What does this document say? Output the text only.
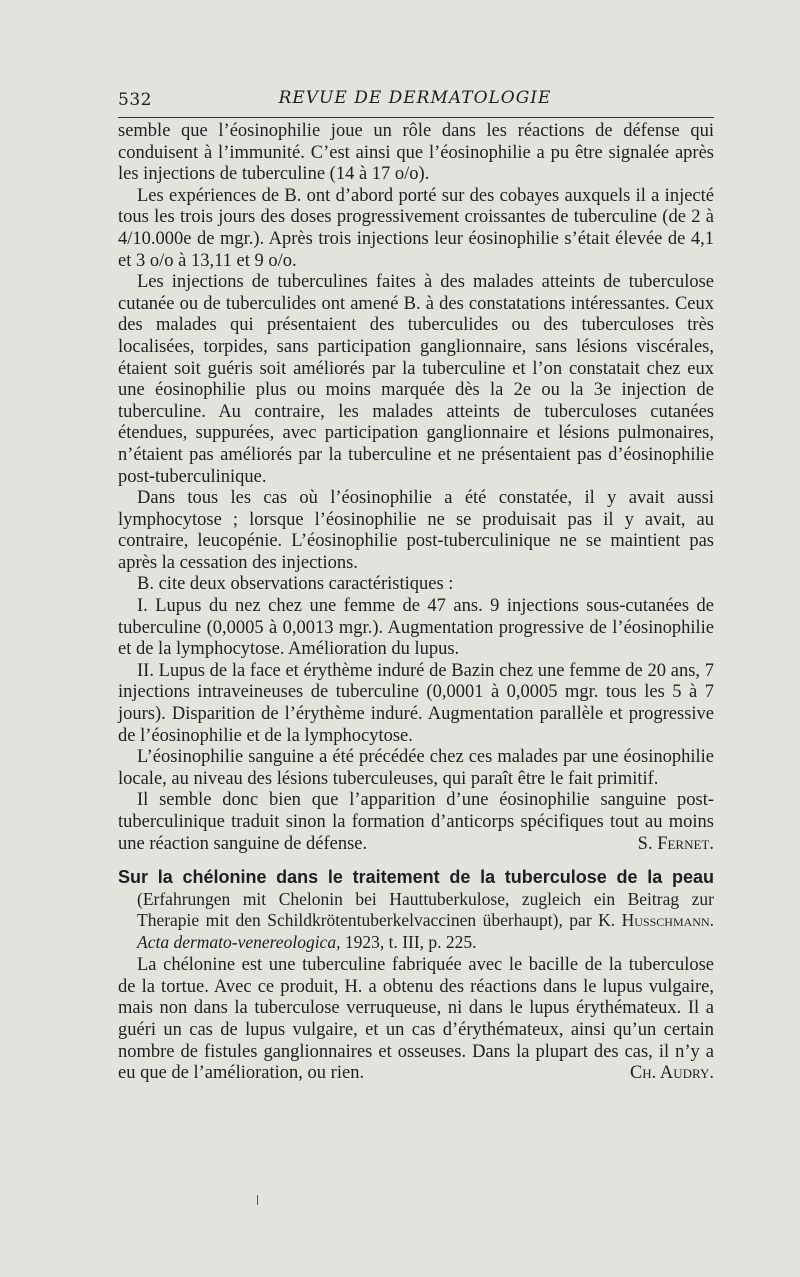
532	REVUE DE DERMATOLOGIE

semble que l’éosinophilie joue un rôle dans les réactions de défense qui conduisent à l’immunité. C’est ainsi que l’éosinophilie a pu être signalée après les injections de tuberculine (14 à 17 o/o).

Les expériences de B. ont d’abord porté sur des cobayes auxquels il a injecté tous les trois jours des doses progressivement croissantes de tuberculine (de 2 à 4/10.000e de mgr.). Après trois injections leur éosinophilie s’était élevée de 4,1 et 3 o/o à 13,11 et 9 o/o.

Les injections de tuberculines faites à des malades atteints de tuberculose cutanée ou de tuberculides ont amené B. à des constatations intéressantes. Ceux des malades qui présentaient des tuberculides ou des tuberculoses très localisées, torpides, sans participation ganglionnaire, sans lésions viscérales, étaient soit guéris soit améliorés par la tuberculine et l’on constatait chez eux une éosinophilie plus ou moins marquée dès la 2e ou la 3e injection de tuberculine. Au contraire, les malades atteints de tuberculoses cutanées étendues, suppurées, avec participation ganglionnaire et lésions pulmonaires, n’étaient pas améliorés par la tuberculine et ne présentaient pas d’éosinophilie post-tuberculinique.

Dans tous les cas où l’éosinophilie a été constatée, il y avait aussi lymphocytose ; lorsque l’éosinophilie ne se produisait pas il y avait, au contraire, leucopénie. L’éosinophilie post-tuberculinique ne se maintient pas après la cessation des injections.

B. cite deux observations caractéristiques :

I. Lupus du nez chez une femme de 47 ans. 9 injections sous-cutanées de tuberculine (0,0005 à 0,0013 mgr.). Augmentation progressive de l’éosinophilie et de la lymphocytose. Amélioration du lupus.

II. Lupus de la face et érythème induré de Bazin chez une femme de 20 ans, 7 injections intraveineuses de tuberculine (0,0001 à 0,0005 mgr. tous les 5 à 7 jours). Disparition de l’érythème induré. Augmentation parallèle et progressive de l’éosinophilie et de la lymphocytose.

L’éosinophilie sanguine a été précédée chez ces malades par une éosinophilie locale, au niveau des lésions tuberculeuses, qui paraît être le fait primitif.

Il semble donc bien que l’apparition d’une éosinophilie sanguine post-tuberculinique traduit sinon la formation d’anticorps spécifiques tout au moins une réaction sanguine de défense.	S. Fernet.

Sur la chélonine dans le traitement de la tuberculose de la peau (Erfahrungen mit Chelonin bei Hauttuberkulose, zugleich ein Beitrag zur Therapie mit den Schildkrötentuberkelvaccinen überhaupt), par K. Husschmann. Acta dermato-venereologica, 1923, t. III, p. 225.

La chélonine est une tuberculine fabriquée avec le bacille de la tuberculose de la tortue. Avec ce produit, H. a obtenu des réactions dans le lupus vulgaire, mais non dans la tuberculose verruqueuse, ni dans le lupus érythémateux. Il a guéri un cas de lupus vulgaire, et un cas d’érythémateux, ainsi qu’un certain nombre de fistules ganglionnaires et osseuses. Dans la plupart des cas, il n’y a eu que de l’amélioration, ou rien.	Ch. Audry.
